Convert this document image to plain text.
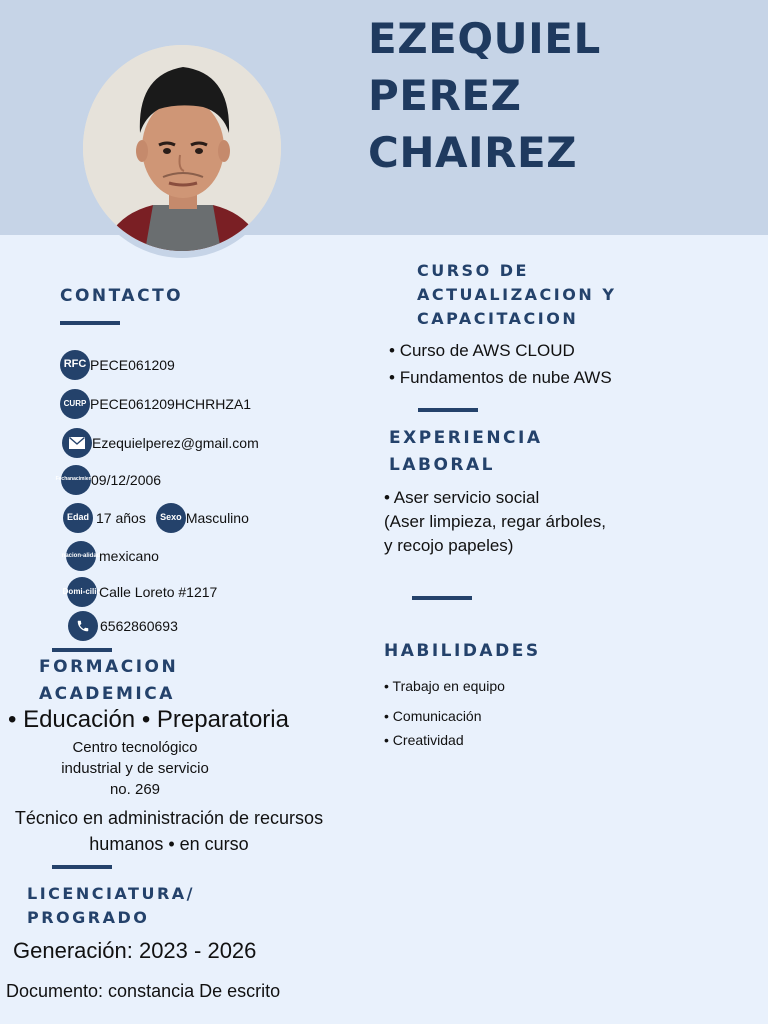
EZEQUIEL
PEREZ
CHAIREZ
CONTACTO
RFC PECE061209
CURP PECE061209HCHRHZA1
Ezequielperez@gmail.com
Fecha nacimiento
09/12/2006
Edad 17 años	Sexo Masculino
nacion- alidad
mexicano
Domi- cilio
Calle Loreto #1217
6562860693
FORMACION
ACADEMICA

• Educación • Preparatoria

Centro tecnológico
industrial y de servicio
no. 269
Técnico en administración de recursos
humanos • en curso
LICENCIATURA/
PROGRADO

Generación: 2023 - 2026

Documento: constancia De escrito

CURSO DE
ACTUALIZACION Y
CAPACITACION
• Curso de AWS CLOUD
• Fundamentos de nube AWS
EXPERIENCIA
LABORAL
• Aser servicio social
(Aser limpieza, regar árboles,
y recojo papeles)
HABILIDADES
• Trabajo en equipo
• Comunicación
• Creatividad
